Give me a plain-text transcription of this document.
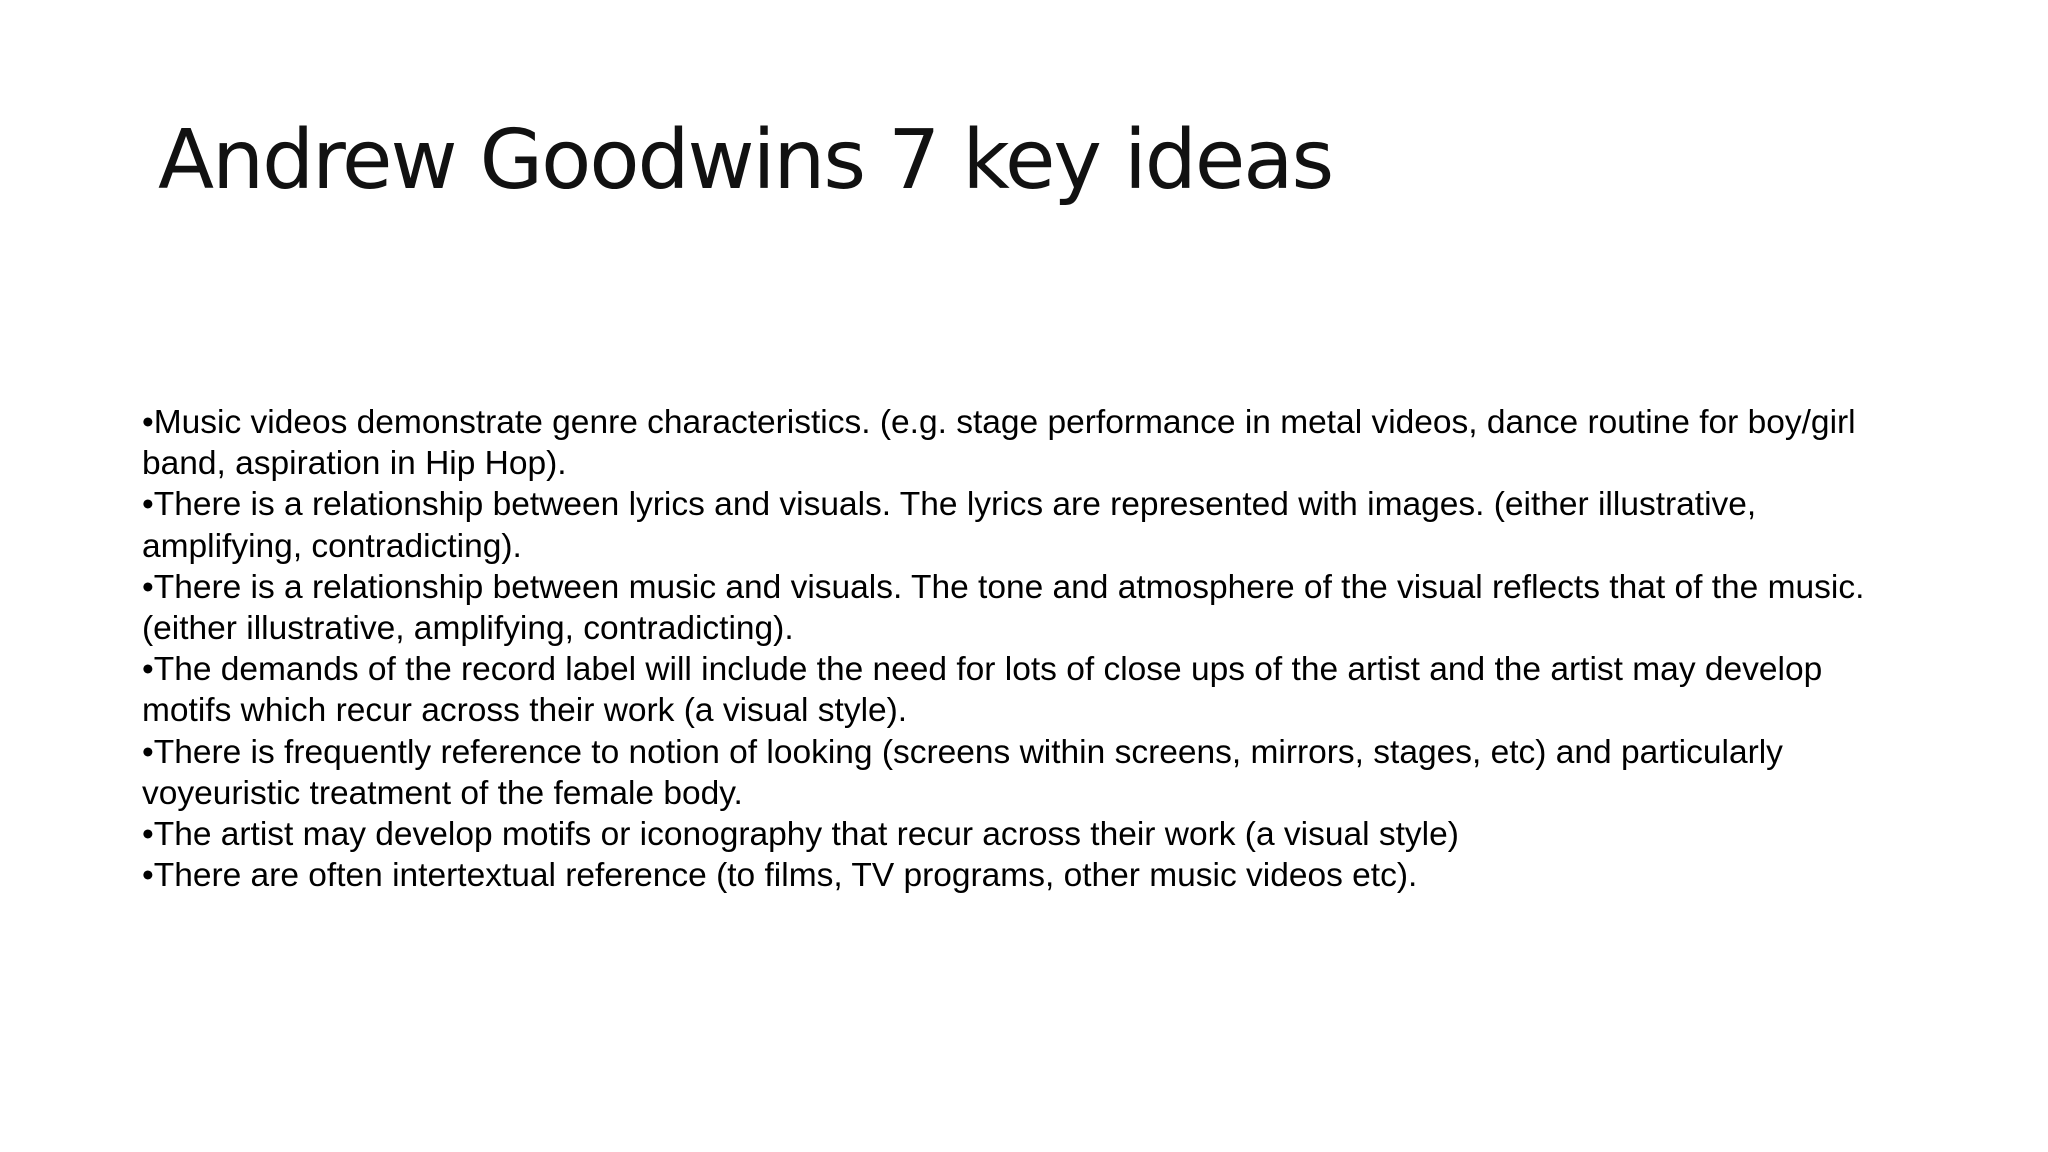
Andrew Goodwins 7 key ideas
•Music videos demonstrate genre characteristics. (e.g. stage performance in metal videos, dance routine for boy/girl band, aspiration in Hip Hop).
•There is a relationship between lyrics and visuals. The lyrics are represented with images. (either illustrative, amplifying, contradicting).
•There is a relationship between music and visuals. The tone and atmosphere of the visual reflects that of the music. (either illustrative, amplifying, contradicting).
•The demands of the record label will include the need for lots of close ups of the artist and the artist may develop motifs which recur across their work (a visual style).
•There is frequently reference to notion of looking (screens within screens, mirrors, stages, etc) and particularly voyeuristic treatment of the female body.
•The artist may develop motifs or iconography that recur across their work (a visual style)
•There are often intertextual reference (to films, TV programs, other music videos etc).
